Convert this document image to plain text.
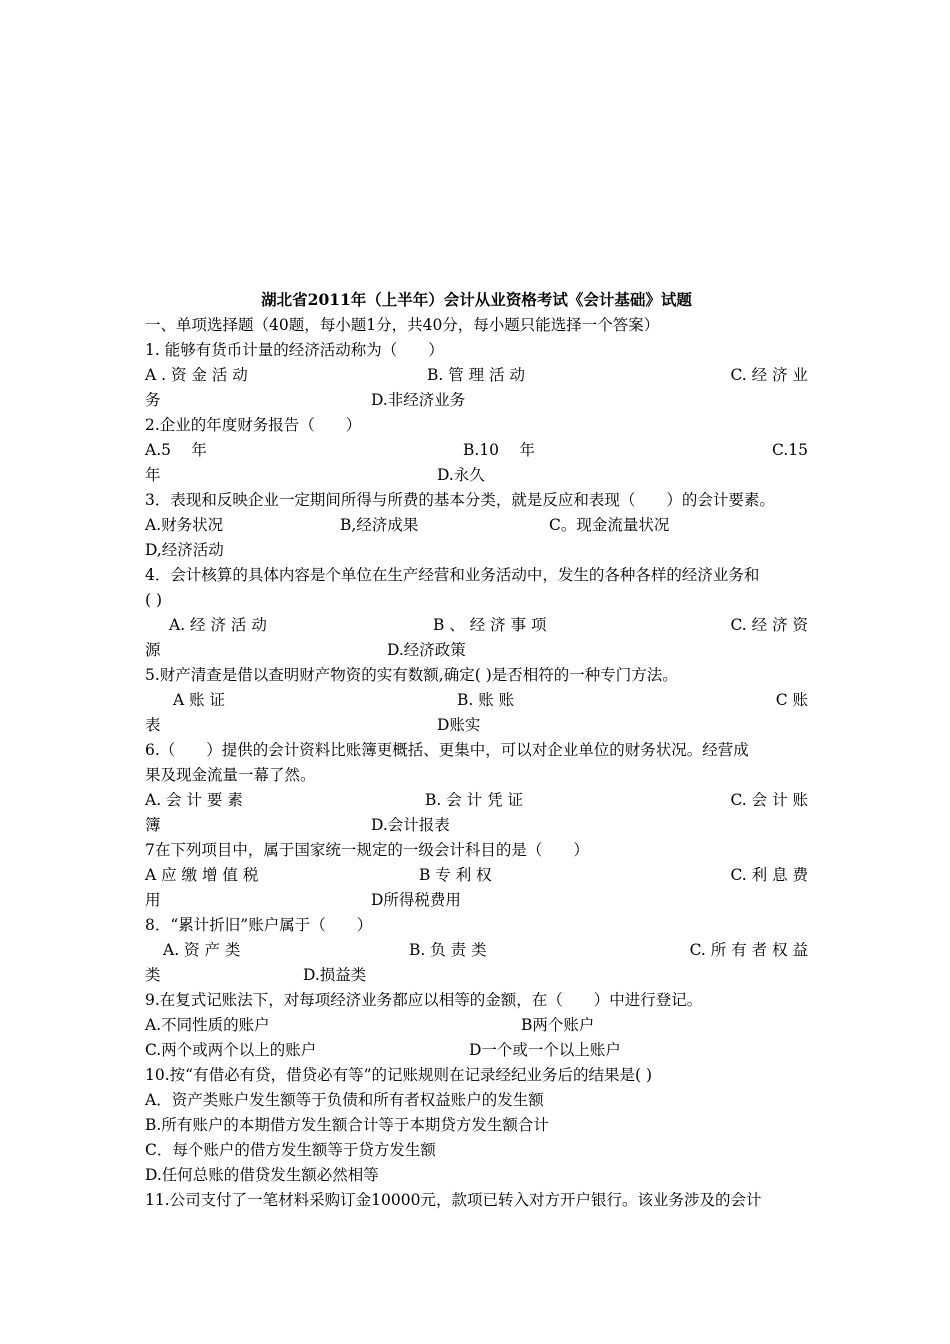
湖北省2011年（上半年）会计从业资格考试《会计基础》试题
一、单项选择题（40题，每小题1分，共40分，每小题只能选择一个答案）
1. 能够有货币计量的经济活动称为（　　）
A . 资 金 活 动	B. 管 理 活 动	C. 经 济 业
务	D.非经济业务
2.企业的年度财务报告（　　）
A.5 　年	B.10 　年	C.15
年	D.永久
3．表现和反映企业一定期间所得与所费的基本分类，就是反应和表现（　　）的会计要素。
A.财务状况	B,经济成果	C。现金流量状况
D,经济活动
4．会计核算的具体内容是个单位在生产经营和业务活动中，发生的各种各样的经济业务和
( )
A. 经 济 活 动	B 、 经 济 事 项	C. 经 济 资
源	D.经济政策
5.财产清查是借以查明财产物资的实有数额,确定( )是否相符的一种专门方法。
A 账 证	B. 账 账	C 账
表	D账实
6.（　　）提供的会计资料比账簿更概括、更集中，可以对企业单位的财务状况。经营成
果及现金流量一幕了然。
A. 会 计 要 素	B. 会 计 凭 证	C. 会 计 账
簿	D.会计报表
7在下列项目中，属于国家统一规定的一级会计科目的是（　　）
A 应 缴 增 值 税	B 专 利 权	C. 利 息 费
用	D所得税费用
8．“累计折旧”账户属于（　　）
A. 资 产 类	B. 负 责 类	C. 所 有 者 权 益
类	D.损益类
9.在复式记账法下，对每项经济业务都应以相等的金额，在（　　）中进行登记。
A.不同性质的账户	B两个账户
C.两个或两个以上的账户	D一个或一个以上账户
10.按“有借必有贷，借贷必有等”的记账规则在记录经纪业务后的结果是( )
A．资产类账户发生额等于负债和所有者权益账户的发生额
B.所有账户的本期借方发生额合计等于本期贷方发生额合计
C．每个账户的借方发生额等于贷方发生额
D.任何总账的借贷发生额必然相等
11.公司支付了一笔材料采购订金10000元，款项已转入对方开户银行。该业务涉及的会计
